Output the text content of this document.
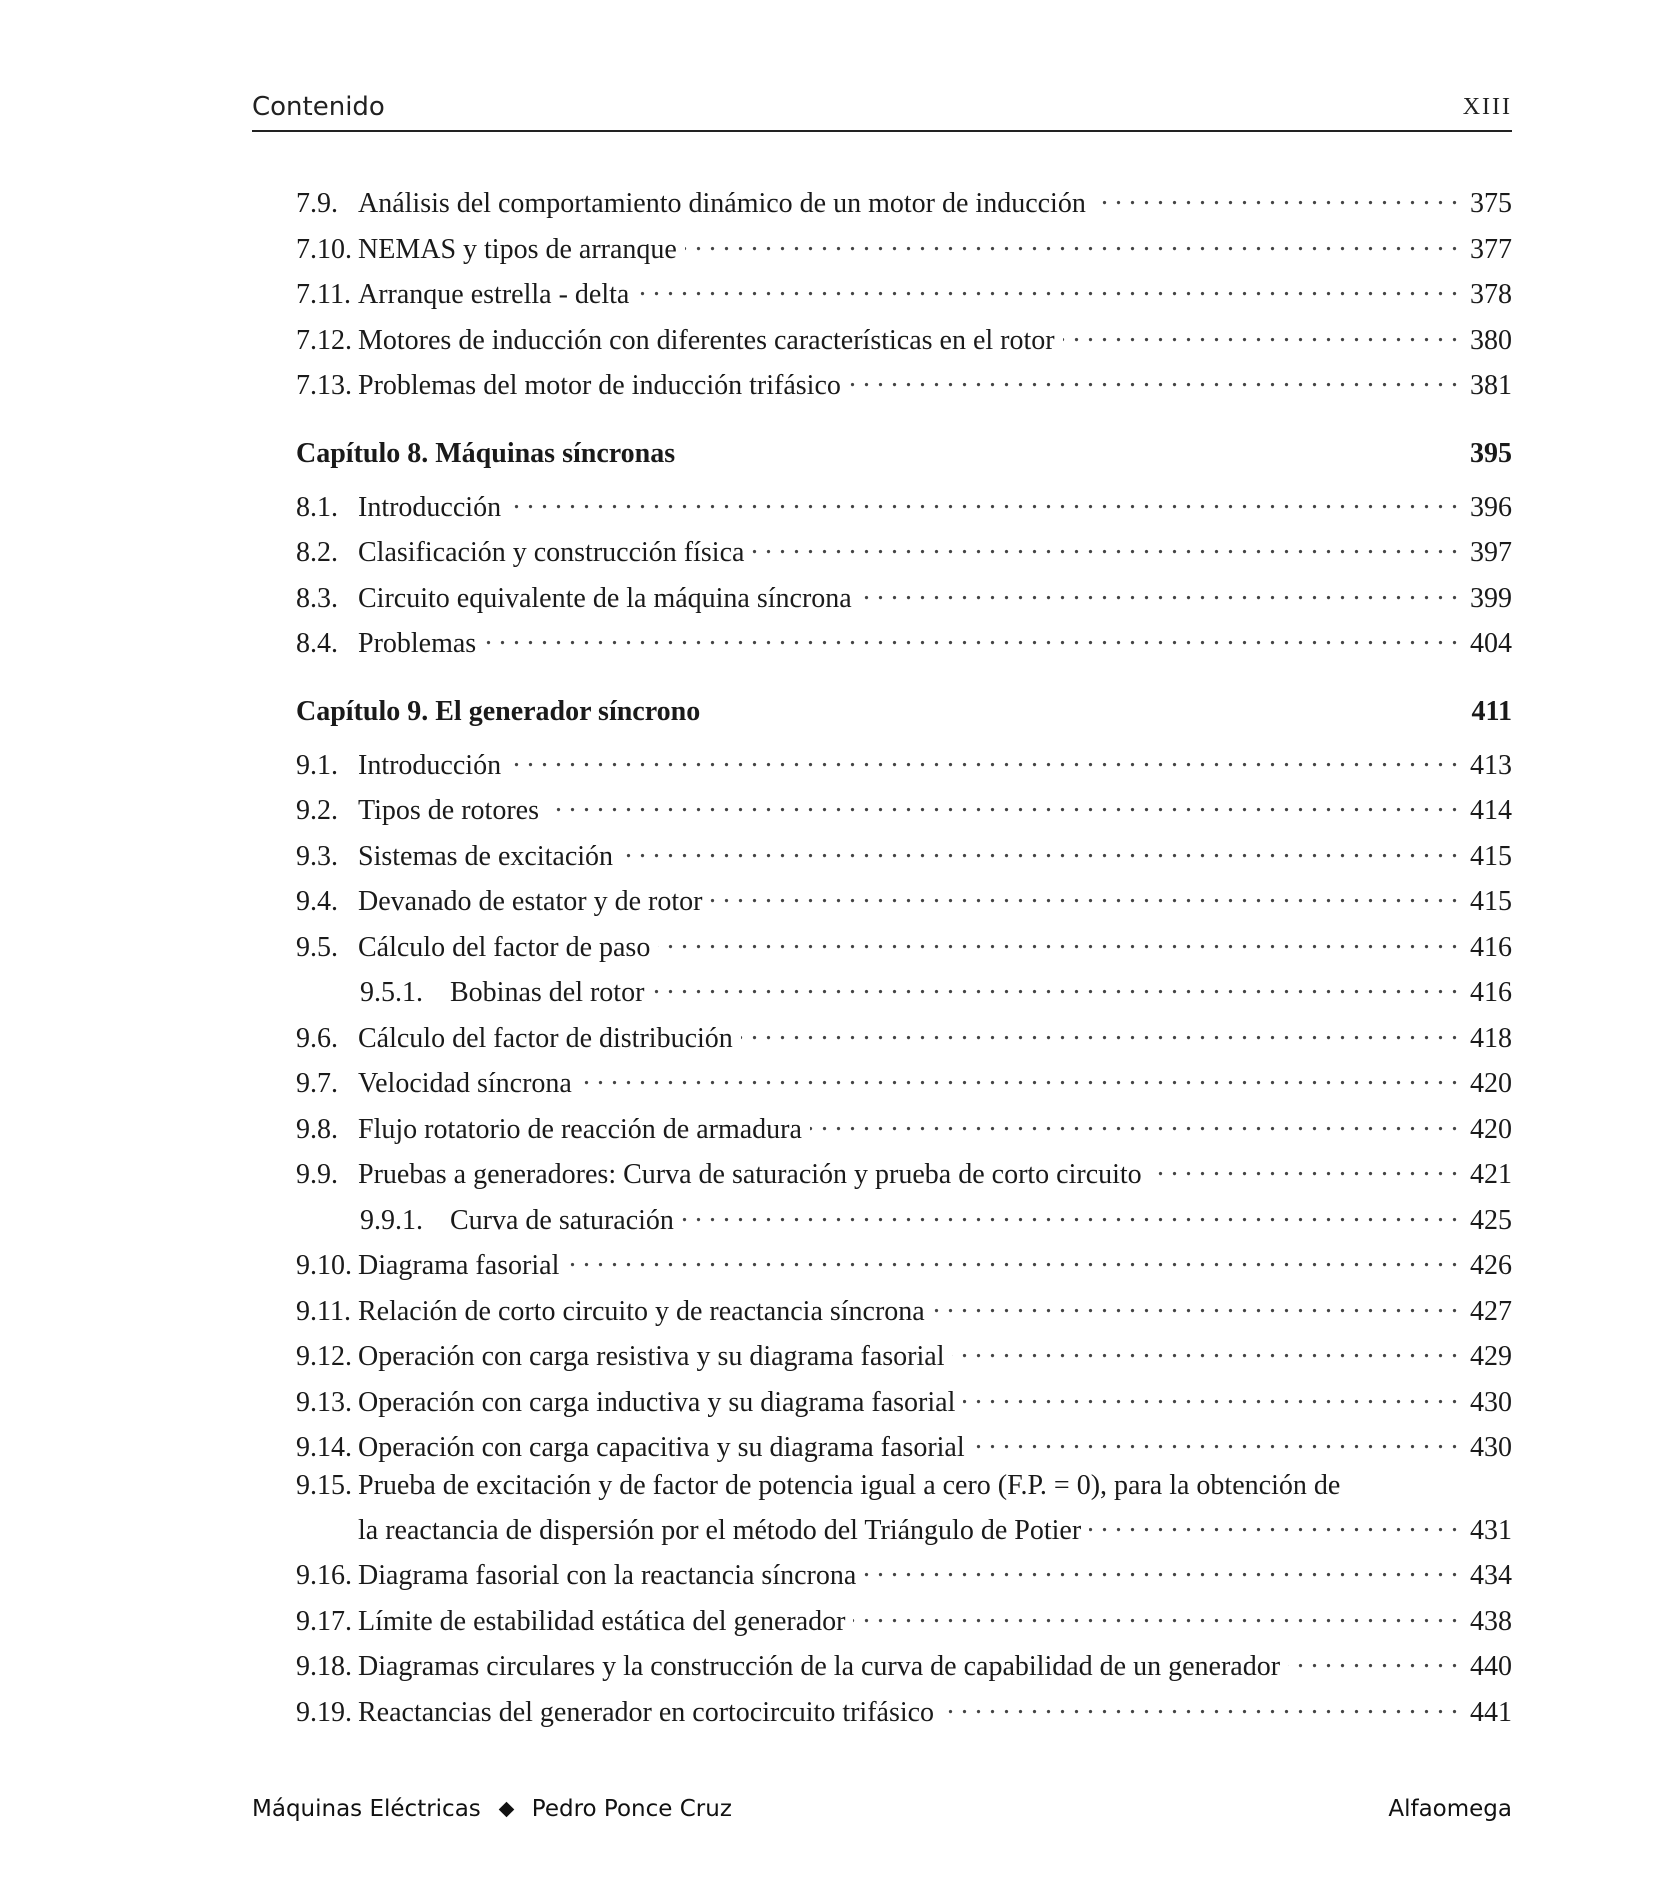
Contenido	XIII
7.9. Análisis del comportamiento dinámico de un motor de inducción . . .	375
7.10. NEMAS y tipos de arranque . . .	377
7.11. Arranque estrella - delta . . .	378
7.12. Motores de inducción con diferentes características en el rotor . . .	380
7.13. Problemas del motor de inducción trifásico . . .	381
Capítulo 8. Máquinas síncronas	395
8.1. Introducción . . .	396
8.2. Clasificación y construcción física . . .	397
8.3. Circuito equivalente de la máquina síncrona . . .	399
8.4. Problemas . . .	404
Capítulo 9. El generador síncrono	411
9.1. Introducción . . .	413
9.2. Tipos de rotores . . .	414
9.3. Sistemas de excitación . . .	415
9.4. Devanado de estator y de rotor . . .	415
9.5. Cálculo del factor de paso . . .	416
9.5.1. Bobinas del rotor . . .	416
9.6. Cálculo del factor de distribución . . .	418
9.7. Velocidad síncrona . . .	420
9.8. Flujo rotatorio de reacción de armadura . . .	420
9.9. Pruebas a generadores: Curva de saturación y prueba de corto circuito . . .	421
9.9.1. Curva de saturación . . .	425
9.10. Diagrama fasorial . . .	426
9.11. Relación de corto circuito y de reactancia síncrona . . .	427
9.12. Operación con carga resistiva y su diagrama fasorial . . .	429
9.13. Operación con carga inductiva y su diagrama fasorial . . .	430
9.14. Operación con carga capacitiva y su diagrama fasorial . . .	430
9.15. Prueba de excitación y de factor de potencia igual a cero (F.P. = 0), para la obtención de
la reactancia de dispersión por el método del Triángulo de Potier . . .	431
9.16. Diagrama fasorial con la reactancia síncrona . . .	434
9.17. Límite de estabilidad estática del generador . . .	438
9.18. Diagramas circulares y la construcción de la curva de capabilidad de un generador . . .	440
9.19. Reactancias del generador en cortocircuito trifásico . . .	441
Máquinas Eléctricas Pedro Ponce Cruz	Alfaomega
